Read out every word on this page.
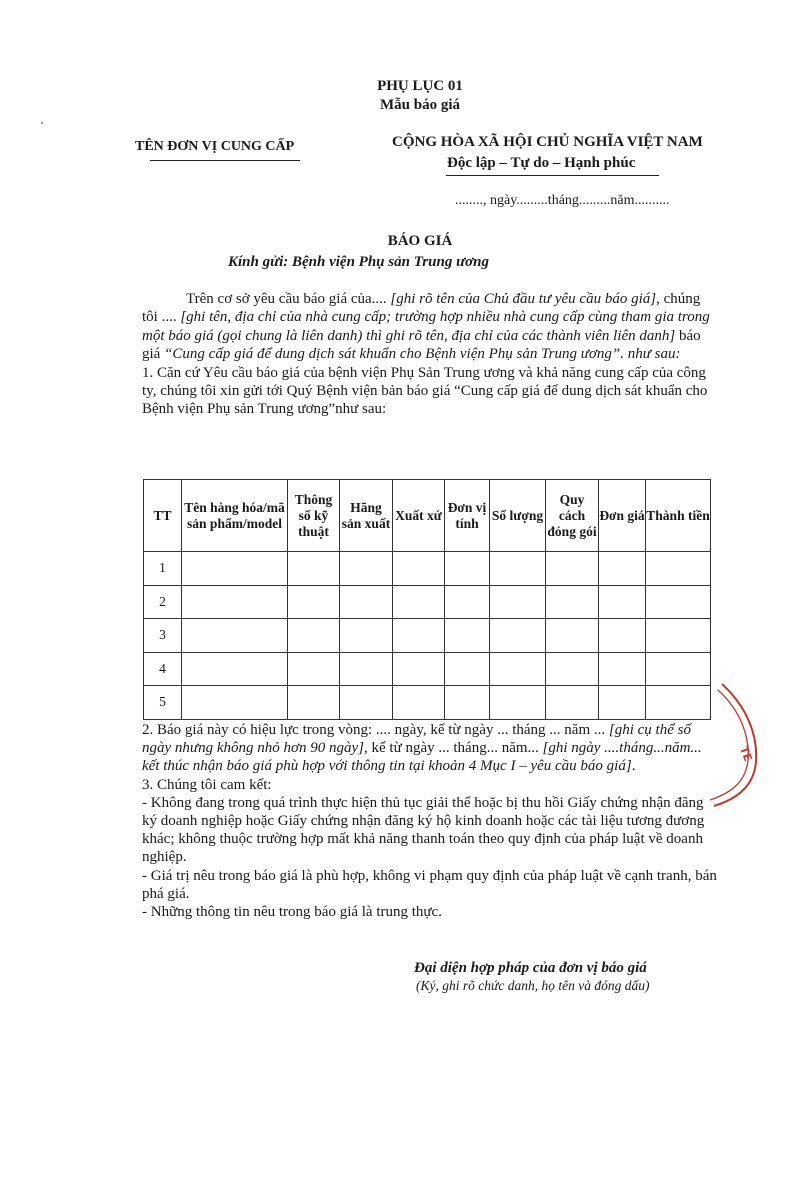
PHỤ LỤC 01
Mẫu báo giá
TÊN ĐƠN VỊ CUNG CẤP	CỘNG HÒA XÃ HỘI CHỦ NGHĨA VIỆT NAM
Độc lập – Tự do – Hạnh phúc
........, ngày.........tháng.........năm..........
BÁO GIÁ
Kính gửi: Bệnh viện Phụ sản Trung ương

Trên cơ sở yêu cầu báo giá của.... [ghi rõ tên của Chủ đầu tư yêu cầu báo giá], chúng tôi .... [ghi tên, địa chỉ của nhà cung cấp; trường hợp nhiều nhà cung cấp cùng tham gia trong một báo giá (gọi chung là liên danh) thì ghi rõ tên, địa chỉ của các thành viên liên danh] báo giá “Cung cấp giá để dung dịch sát khuẩn cho Bệnh viện Phụ sản Trung ương”. như sau:

1. Căn cứ Yêu cầu báo giá của bệnh viện Phụ Sản Trung ương và khả năng cung cấp của công ty, chúng tôi xin gửi tới Quý Bệnh viện bản báo giá “Cung cấp giá để dung dịch sát khuẩn cho Bệnh viện Phụ sản Trung ương”như sau:

TT	Tên hàng hóa/mã sản phẩm/model	Thông số kỹ thuật	Hãng sản xuất	Xuất xứ	Đơn vị tính	Số lượng	Quy cách đóng gói	Đơn giá	Thành tiền
1									
2									
3									
4									
5									

2. Báo giá này có hiệu lực trong vòng: .... ngày, kể từ ngày ... tháng ... năm ... [ghi cụ thể số ngày nhưng không nhỏ hơn 90 ngày], kể từ ngày ... tháng... năm... [ghi ngày ....tháng...năm... kết thúc nhận báo giá phù hợp với thông tin tại khoản 4 Mục I – yêu cầu báo giá].

3. Chúng tôi cam kết:

- Không đang trong quá trình thực hiện thủ tục giải thể hoặc bị thu hồi Giấy chứng nhận đăng ký doanh nghiệp hoặc Giấy chứng nhận đăng ký hộ kinh doanh hoặc các tài liệu tương đương khác; không thuộc trường hợp mất khả năng thanh toán theo quy định của pháp luật về doanh nghiệp.

- Giá trị nêu trong báo giá là phù hợp, không vi phạm quy định của pháp luật về cạnh tranh, bán phá giá.

- Những thông tin nêu trong báo giá là trung thực.

Đại diện hợp pháp của đơn vị báo giá
(Ký, ghi rõ chức danh, họ tên và đóng dấu)
TE
